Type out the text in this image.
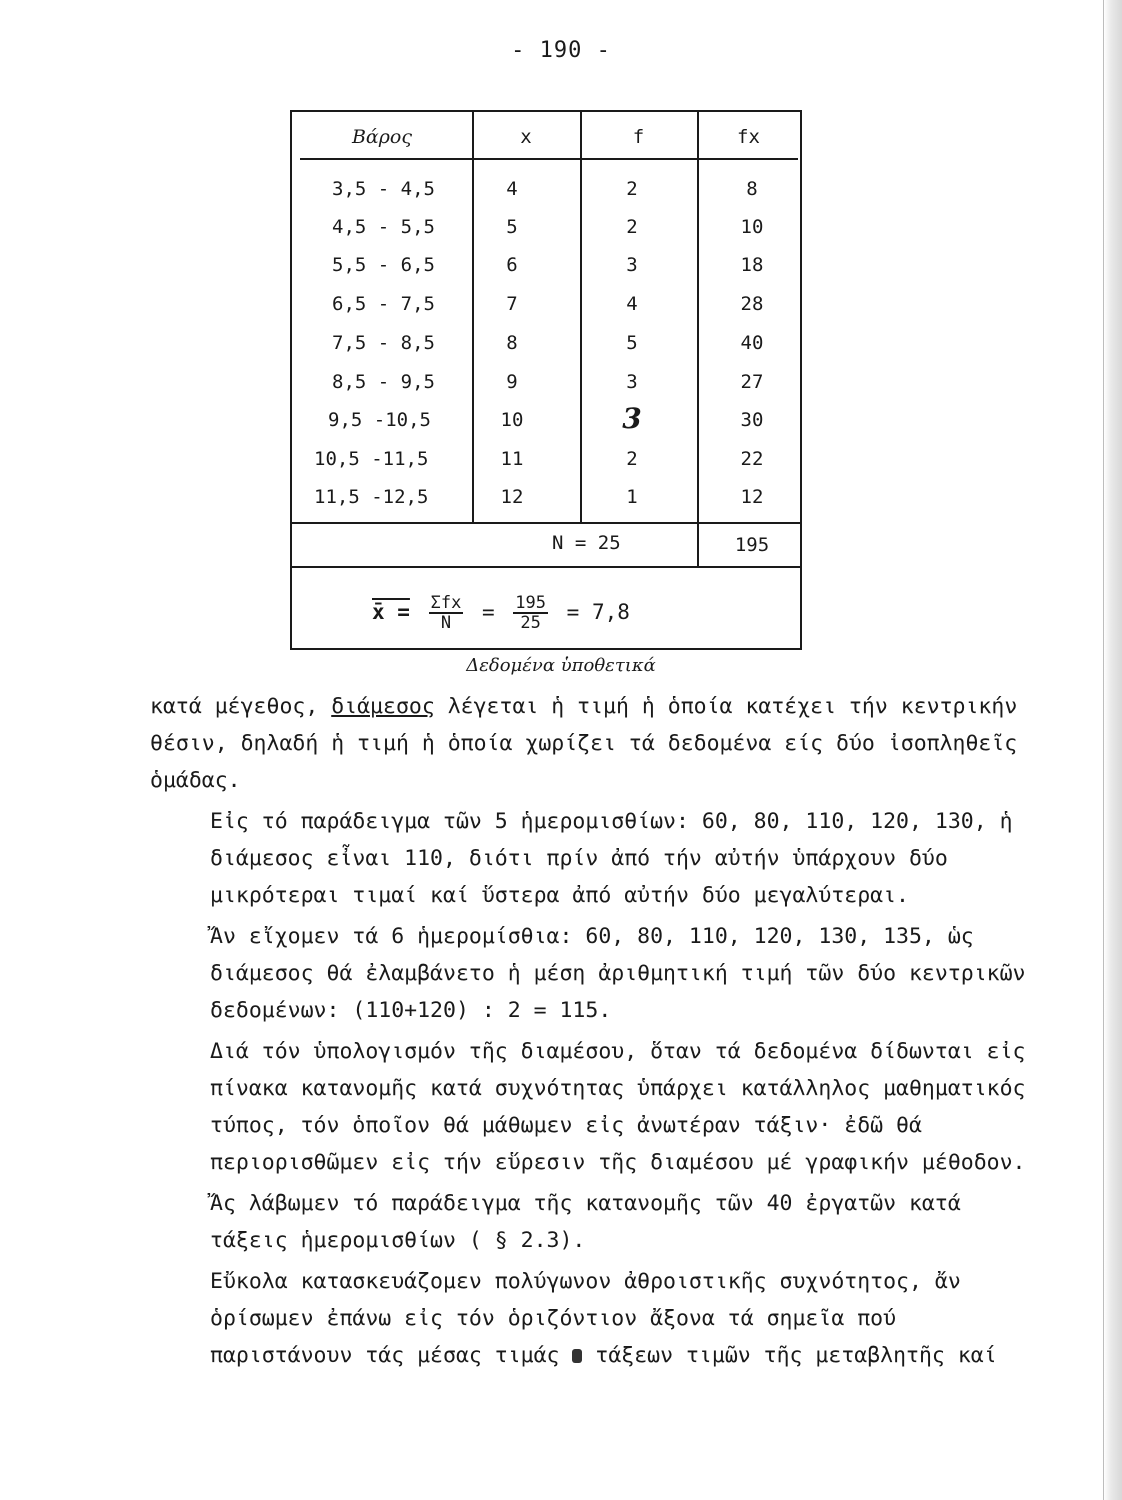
- 190 -
Βάρος	x	f	fx
3,5 - 4,5	4	2	8
4,5 - 5,5	5	2	10
5,5 - 6,5	6	3	18
6,5 - 7,5	7	4	28
7,5 - 8,5	8	5	40
8,5 - 9,5	9	3	27
9,5 -10,5	10	3	30
10,5 -11,5	11	2	22
11,5 -12,5	12	1	12
N = 25	195
x̄ = $\frac{\text{Σfx}}{N} = \frac{195}{25} = 7,8$
Δεδομένα ὑποθετικά

κατά μέγεθος, διάμεσος λέγεται ἡ τιμή ἡ ὁποία κατέχει τήν κεντρικήν θέσιν, δηλαδή ἡ τιμή ἡ ὁποία χωρίζει τά δεδομένα είς δύο ἰσοπληθεῖς ὁμάδας.

Εἰς τό παράδειγμα τῶν 5 ἡμερομισθίων: 60, 80, 110, 120, 130, ἡ διάμεσος εἶναι 110, διότι πρίν ἀπό τήν αὐτήν ὑπάρχουν δύο μικρότεραι τιμαί καί ὕστερα ἀπό αὐτήν δύο μεγαλύτεραι.

Ἄν εἴχομεν τά 6 ἡμερομίσθια: 60, 80, 110, 120, 130, 135, ὡς διάμεσος θά ἐλαμβάνετο ἡ μέση ἀριθμητική τιμή τῶν δύο κεντρικῶν δεδομένων: (110+120) : 2 = 115.

Διά τόν ὑπολογισμόν τῆς διαμέσου, ὅταν τά δεδομένα δίδωνται εἰς πίνακα κατανομῆς κατά συχνότητας ὑπάρχει κατάλληλος μαθηματικός τύπος, τόν ὁποῖον θά μάθωμεν εἰς ἀνωτέραν τάξιν· ἐδῶ θά περιορισθῶμεν εἰς τήν εὕρεσιν τῆς διαμέσου μέ γραφικήν μέθοδον.

Ἄς λάβωμεν τό παράδειγμα τῆς κατανομῆς τῶν 40 ἐργατῶν κατά τάξεις ἡμερομισθίων ( § 2.3).

Εὔκολα κατασκευάζομεν πολύγωνον ἀθροιστικῆς συχνότητος, ἄν ὁρίσωμεν ἐπάνω εἰς τόν ὁριζόντιον ἄξονα τά σημεῖα πού παριστάνουν τάς μέσας τιμάς  τάξεων τιμῶν τῆς μεταβλητῆς καί
